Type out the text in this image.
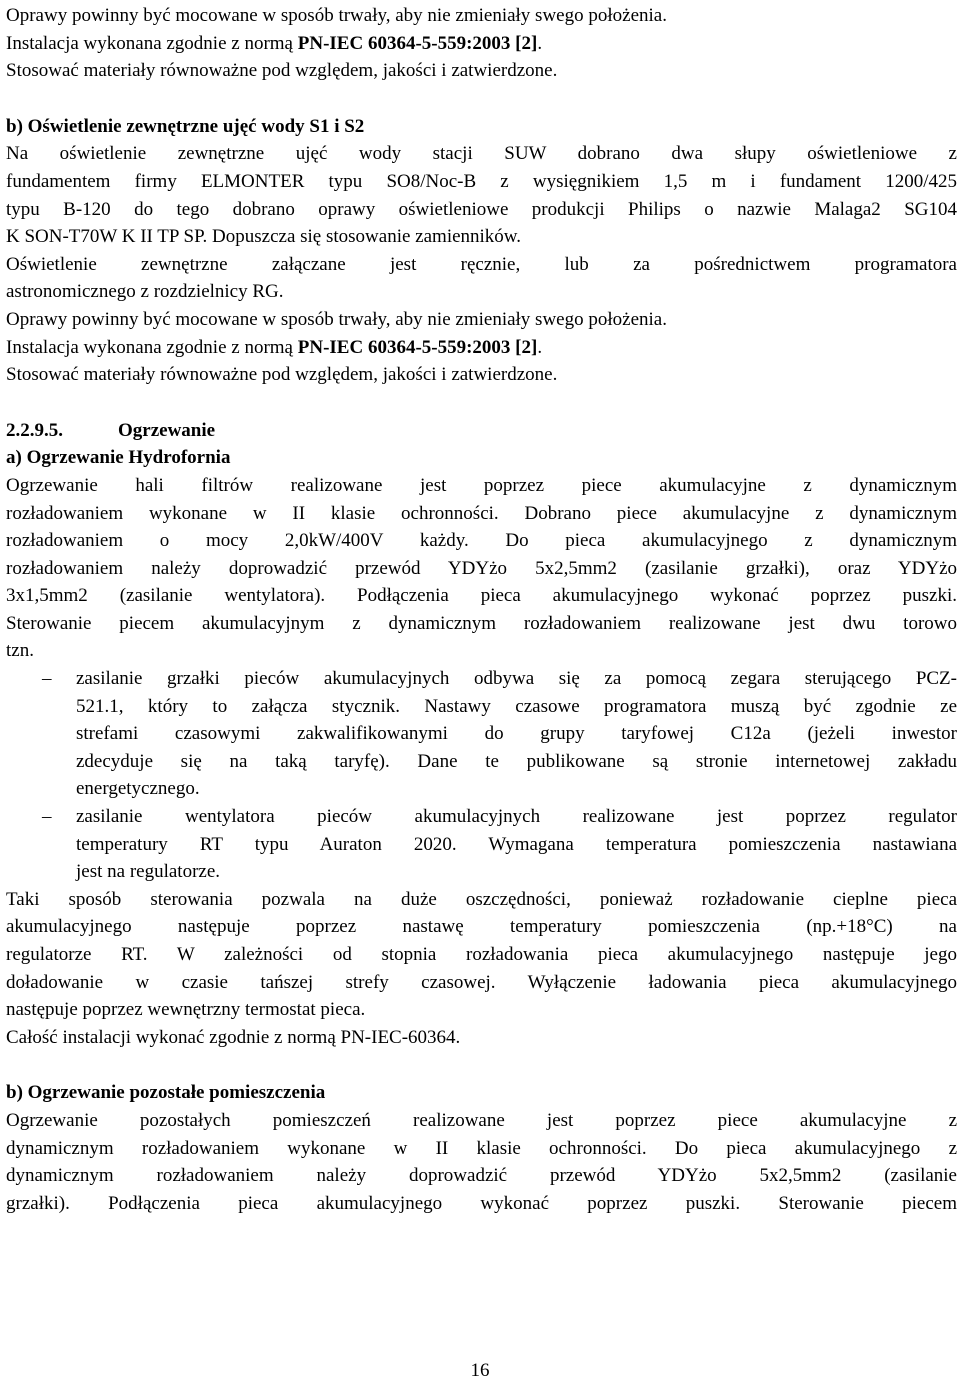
Oprawy powinny być mocowane w sposób trwały, aby nie zmieniały swego położenia.

Instalacja wykonana zgodnie z normą PN-IEC 60364-5-559:2003 [2].

Stosować materiały równoważne pod względem, jakości i zatwierdzone.

b) Oświetlenie zewnętrzne ujęć wody S1 i S2

Na oświetlenie zewnętrzne ujęć wody stacji SUW dobrano dwa słupy oświetleniowe z

fundamentem firmy ELMONTER typu SO8/Noc-B z wysięgnikiem 1,5 m i fundament 1200/425

typu B-120 do tego dobrano oprawy oświetleniowe produkcji Philips o nazwie Malaga2 SG104

K SON-T70W K II TP SP. Dopuszcza się stosowanie zamienników.

Oświetlenie zewnętrzne załączane jest ręcznie, lub za pośrednictwem programatora

astronomicznego z rozdzielnicy RG.

Oprawy powinny być mocowane w sposób trwały, aby nie zmieniały swego położenia.

Instalacja wykonana zgodnie z normą PN-IEC 60364-5-559:2003 [2].

Stosować materiały równoważne pod względem, jakości i zatwierdzone.

2.2.9.5.	Ogrzewanie

a) Ogrzewanie Hydrofornia

Ogrzewanie hali filtrów realizowane jest poprzez piece akumulacyjne z dynamicznym

rozładowaniem wykonane w II klasie ochronności. Dobrano piece akumulacyjne z dynamicznym

rozładowaniem o mocy 2,0kW/400V każdy. Do pieca akumulacyjnego z dynamicznym

rozładowaniem należy doprowadzić przewód YDYżo 5x2,5mm2 (zasilanie grzałki), oraz YDYżo

3x1,5mm2 (zasilanie wentylatora). Podłączenia pieca akumulacyjnego wykonać poprzez puszki.

Sterowanie piecem akumulacyjnym z dynamicznym rozładowaniem realizowane jest dwu torowo

tzn.

– zasilanie grzałki pieców akumulacyjnych odbywa się za pomocą zegara sterującego PCZ-

521.1, który to załącza stycznik. Nastawy czasowe programatora muszą być zgodnie ze

strefami czasowymi zakwalifikowanymi do grupy taryfowej C12a (jeżeli inwestor

zdecyduje się na taką taryfę). Dane te publikowane są stronie internetowej zakładu

energetycznego.

– zasilanie wentylatora pieców akumulacyjnych realizowane jest poprzez regulator

temperatury RT typu Auraton 2020. Wymagana temperatura pomieszczenia nastawiana

jest na regulatorze.

Taki sposób sterowania pozwala na duże oszczędności, ponieważ rozładowanie cieplne pieca

akumulacyjnego następuje poprzez nastawę temperatury pomieszczenia (np.+18°C) na

regulatorze RT. W zależności od stopnia rozładowania pieca akumulacyjnego następuje jego

doładowanie w czasie tańszej strefy czasowej. Wyłączenie ładowania pieca akumulacyjnego

następuje poprzez wewnętrzny termostat pieca.

Całość instalacji wykonać zgodnie z normą PN-IEC-60364.

b) Ogrzewanie pozostałe pomieszczenia

Ogrzewanie pozostałych pomieszczeń realizowane jest poprzez piece akumulacyjne z

dynamicznym rozładowaniem wykonane w II klasie ochronności. Do pieca akumulacyjnego z

dynamicznym rozładowaniem należy doprowadzić przewód YDYżo 5x2,5mm2 (zasilanie

grzałki). Podłączenia pieca akumulacyjnego wykonać poprzez puszki. Sterowanie piecem

16
